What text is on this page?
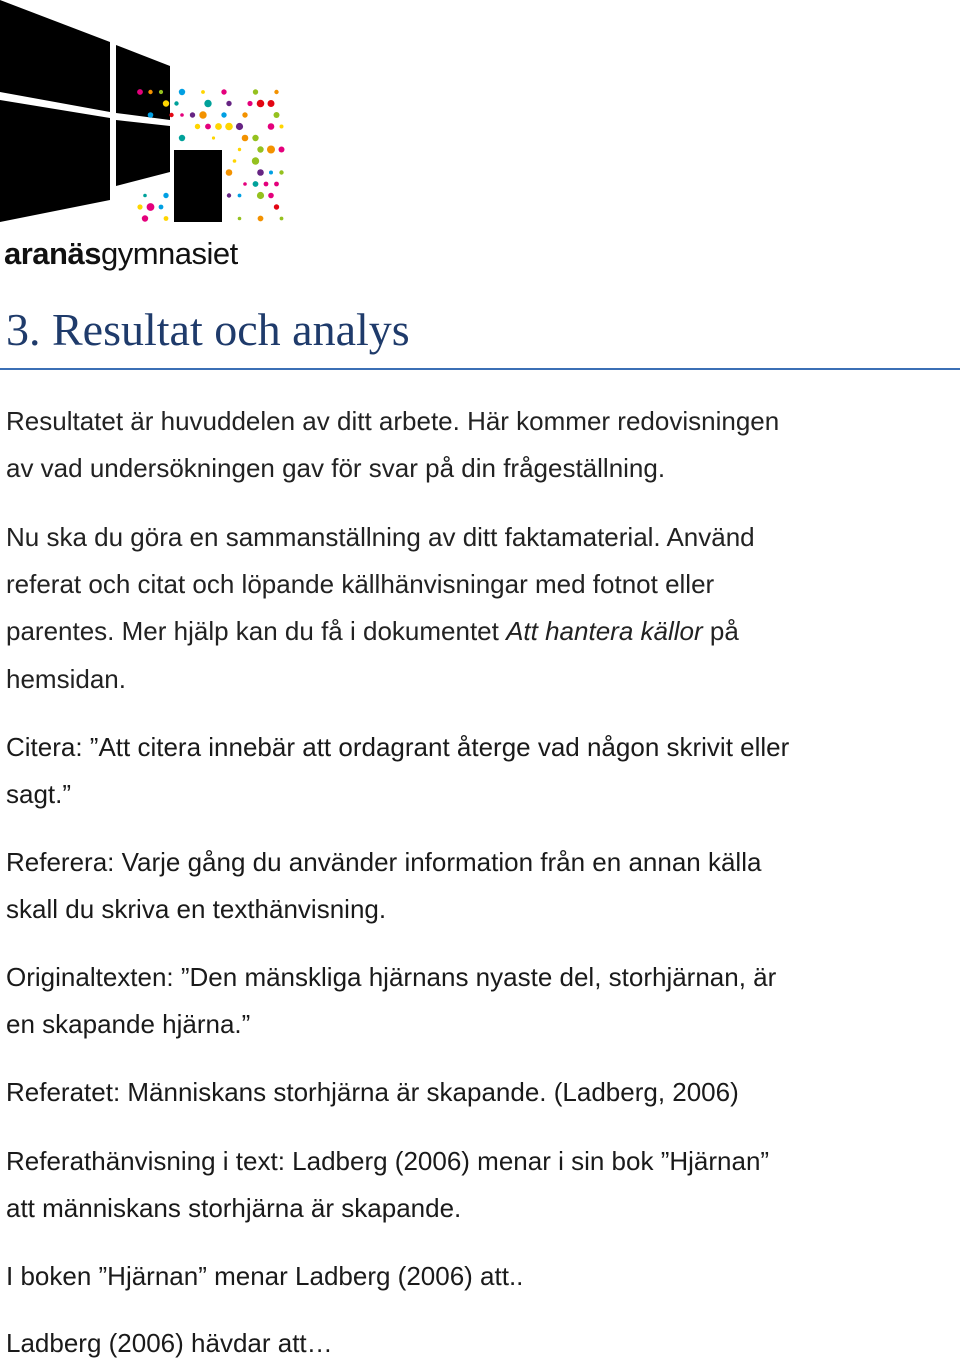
aranäsgymnasiet
3. Resultat och analys

Resultatet är huvuddelen av ditt arbete. Här kommer redovisningen

av vad undersökningen gav för svar på din frågeställning.

Nu ska du göra en sammanställning av ditt faktamaterial. Använd

referat och citat och löpande källhänvisningar med fotnot eller

parentes. Mer hjälp kan du få i dokumentet Att hantera källor på

hemsidan.

Citera: ”Att citera innebär att ordagrant återge vad någon skrivit eller

sagt.”

Referera: Varje gång du använder information från en annan källa

skall du skriva en texthänvisning.

Originaltexten: ”Den mänskliga hjärnans nyaste del, storhjärnan, är

en skapande hjärna.”

Referatet: Människans storhjärna är skapande. (Ladberg, 2006)

Referathänvisning i text: Ladberg (2006) menar i sin bok ”Hjärnan”

att människans storhjärna är skapande.

I boken ”Hjärnan” menar Ladberg (2006) att..

Ladberg (2006) hävdar att…
